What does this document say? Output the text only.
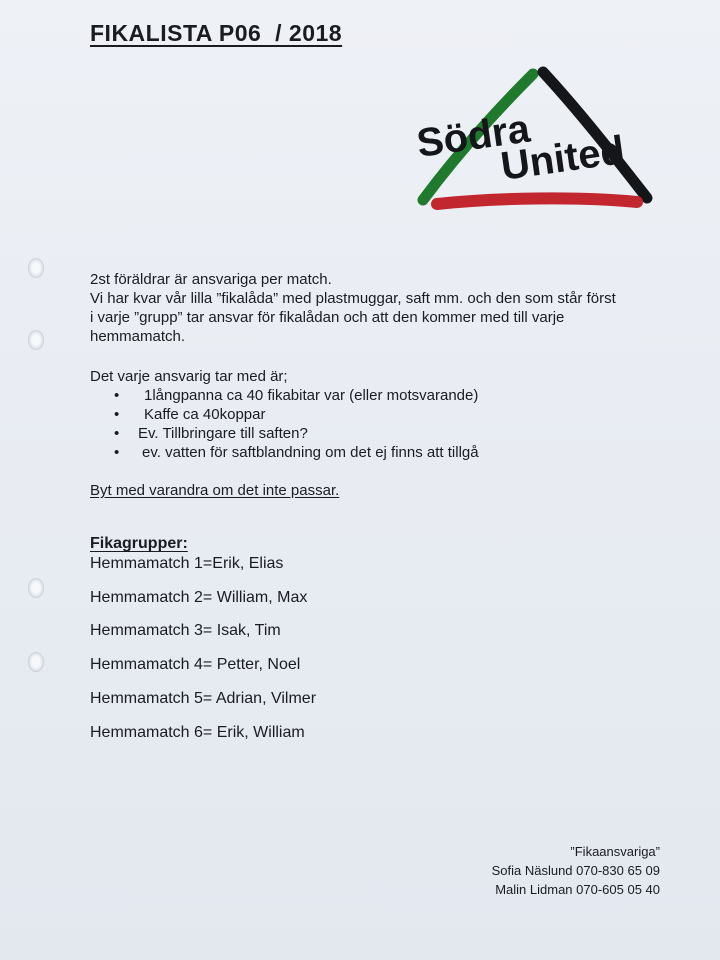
FIKALISTA P06  / 2018
Södra
United
2st föräldrar är ansvariga per match.
Vi har kvar vår lilla ”fikalåda” med plastmuggar, saft mm. och den som står först
i varje ”grupp” tar ansvar för fikalådan och att den kommer med till varje
hemmamatch.
Det varje ansvarig tar med är;
• 1långpanna ca 40 fikabitar var (eller motsvarande)
• Kaffe ca 40koppar
• Ev. Tillbringare till saften?
• ev. vatten för saftblandning om det ej finns att tillgå
Byt med varandra om det inte passar.
Fikagrupper:
Hemmamatch 1=Erik, Elias
Hemmamatch 2= William, Max
Hemmamatch 3= Isak, Tim
Hemmamatch 4= Petter, Noel
Hemmamatch 5= Adrian, Vilmer
Hemmamatch 6= Erik, William
”Fikaansvariga”
Sofia Näslund 070-830 65 09
Malin Lidman 070-605 05 40
